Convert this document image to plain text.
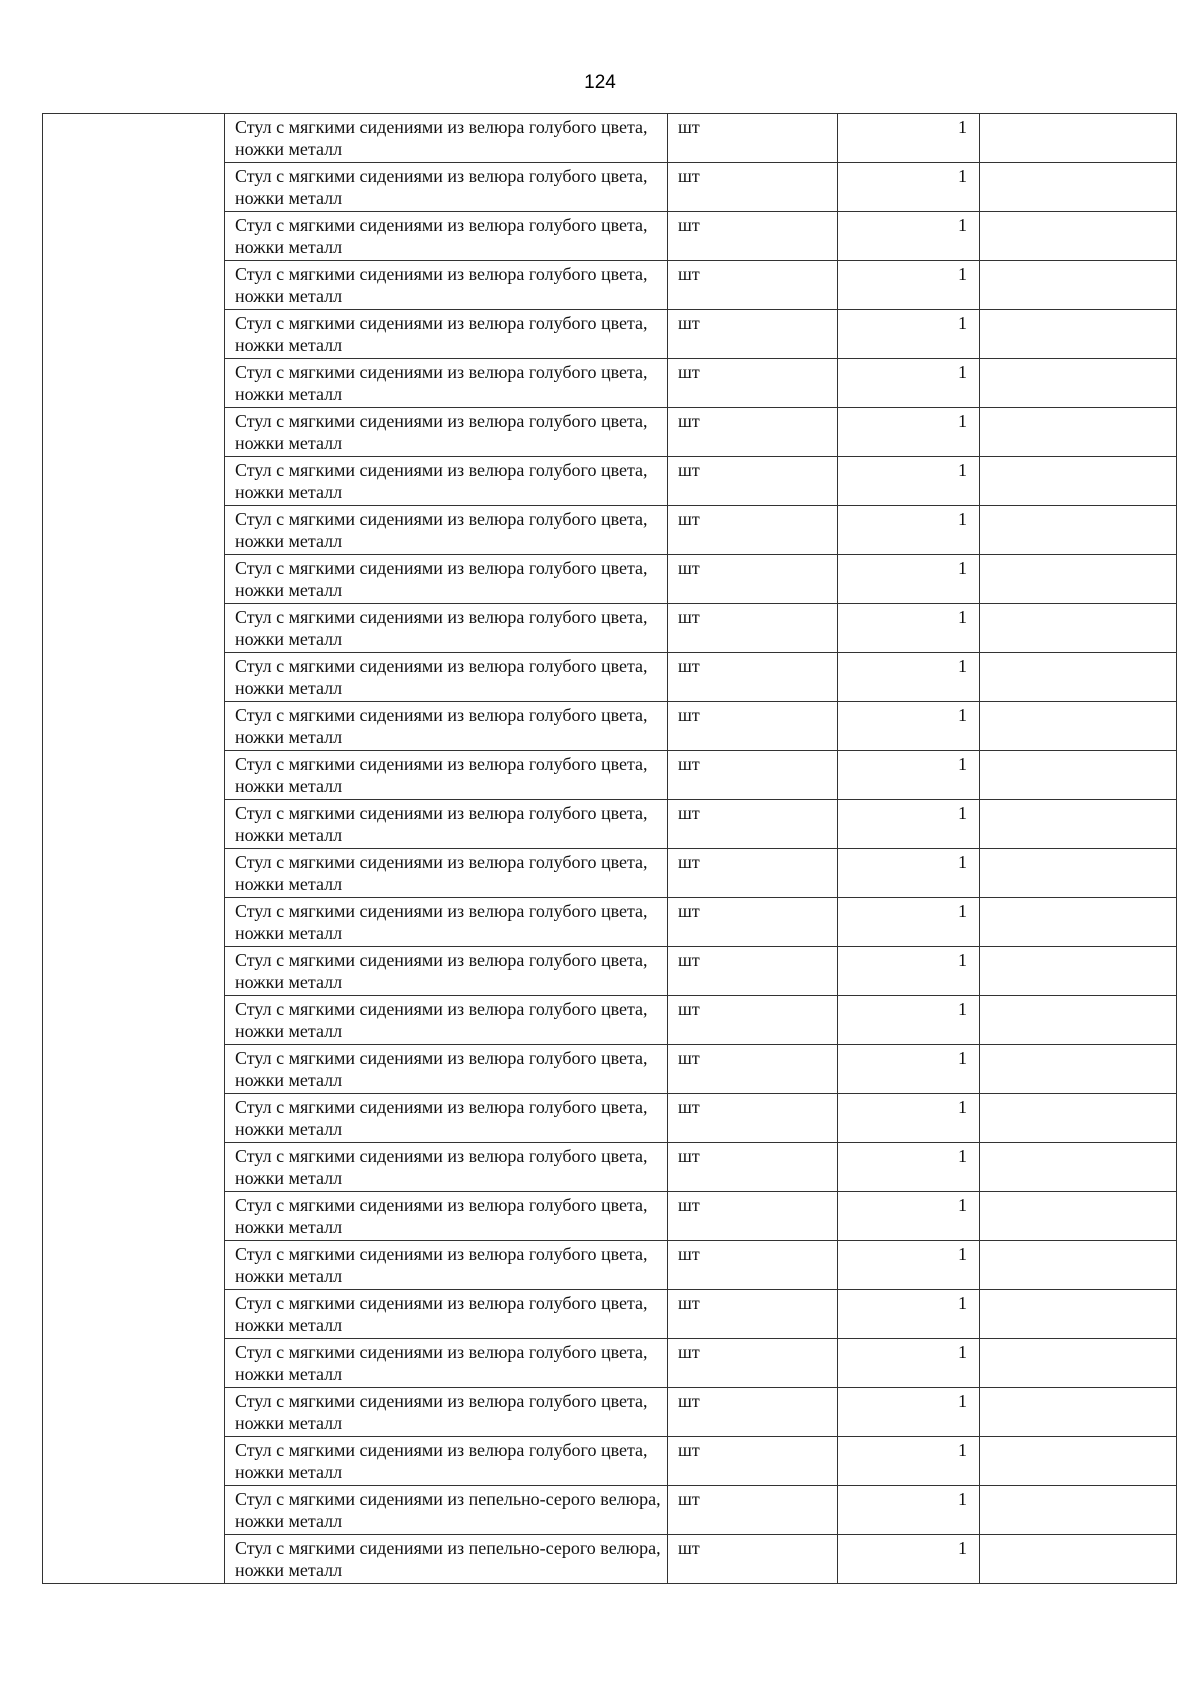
124
	Стул с мягкими сидениями из велюра голубого цвета, ножки металл	шт	1	
	Стул с мягкими сидениями из велюра голубого цвета, ножки металл	шт	1	
	Стул с мягкими сидениями из велюра голубого цвета, ножки металл	шт	1	
	Стул с мягкими сидениями из велюра голубого цвета, ножки металл	шт	1	
	Стул с мягкими сидениями из велюра голубого цвета, ножки металл	шт	1	
	Стул с мягкими сидениями из велюра голубого цвета, ножки металл	шт	1	
	Стул с мягкими сидениями из велюра голубого цвета, ножки металл	шт	1	
	Стул с мягкими сидениями из велюра голубого цвета, ножки металл	шт	1	
	Стул с мягкими сидениями из велюра голубого цвета, ножки металл	шт	1	
	Стул с мягкими сидениями из велюра голубого цвета, ножки металл	шт	1	
	Стул с мягкими сидениями из велюра голубого цвета, ножки металл	шт	1	
	Стул с мягкими сидениями из велюра голубого цвета, ножки металл	шт	1	
	Стул с мягкими сидениями из велюра голубого цвета, ножки металл	шт	1	
	Стул с мягкими сидениями из велюра голубого цвета, ножки металл	шт	1	
	Стул с мягкими сидениями из велюра голубого цвета, ножки металл	шт	1	
	Стул с мягкими сидениями из велюра голубого цвета, ножки металл	шт	1	
	Стул с мягкими сидениями из велюра голубого цвета, ножки металл	шт	1	
	Стул с мягкими сидениями из велюра голубого цвета, ножки металл	шт	1	
	Стул с мягкими сидениями из велюра голубого цвета, ножки металл	шт	1	
	Стул с мягкими сидениями из велюра голубого цвета, ножки металл	шт	1	
	Стул с мягкими сидениями из велюра голубого цвета, ножки металл	шт	1	
	Стул с мягкими сидениями из велюра голубого цвета, ножки металл	шт	1	
	Стул с мягкими сидениями из велюра голубого цвета, ножки металл	шт	1	
	Стул с мягкими сидениями из велюра голубого цвета, ножки металл	шт	1	
	Стул с мягкими сидениями из велюра голубого цвета, ножки металл	шт	1	
	Стул с мягкими сидениями из велюра голубого цвета, ножки металл	шт	1	
	Стул с мягкими сидениями из велюра голубого цвета, ножки металл	шт	1	
	Стул с мягкими сидениями из велюра голубого цвета, ножки металл	шт	1	
	Стул с мягкими сидениями из пепельно-серого велюра, ножки металл	шт	1	
	Стул с мягкими сидениями из пепельно-серого велюра, ножки металл	шт	1	
